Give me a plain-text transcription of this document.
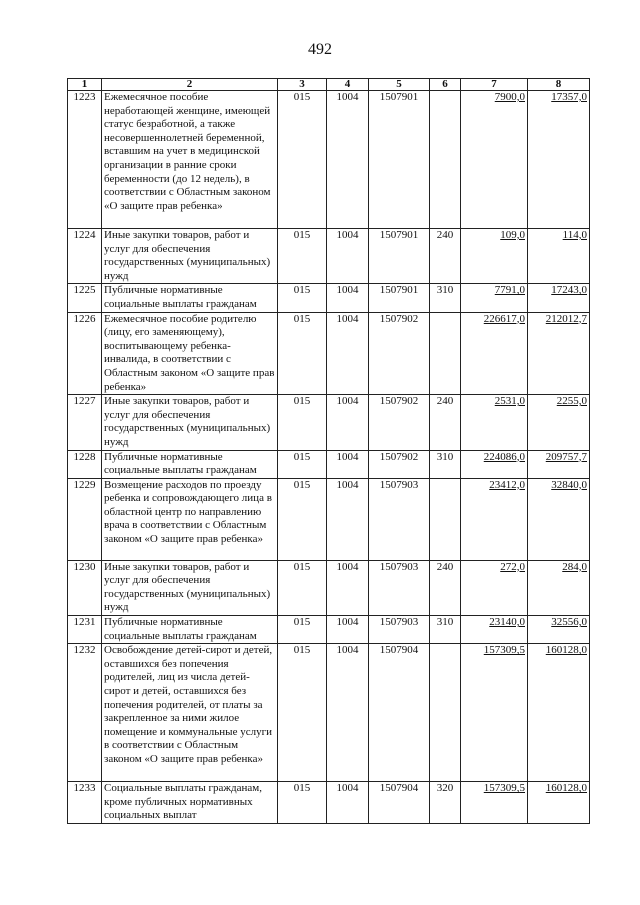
492
1	2	3	4	5	6	7	8
1223	Ежемесячное пособие неработающей женщине, имеющей статус безработной, а также несовершеннолетней беременной, вставшим на учет в медицинской организации в ранние сроки беременности (до 12 недель), в соответствии с Областным законом «О защите прав ребенка»	015	1004	1507901		7900,0	17357,0
1224	Иные закупки товаров, работ и услуг для обеспечения государственных (муниципальных) нужд	015	1004	1507901	240	109,0	114,0
1225	Публичные нормативные социальные выплаты гражданам	015	1004	1507901	310	7791,0	17243,0
1226	Ежемесячное пособие родителю (лицу, его заменяющему), воспитывающему ребенка-инвалида, в соответствии с Областным законом «О защите прав ребенка»	015	1004	1507902		226617,0	212012,7
1227	Иные закупки товаров, работ и услуг для обеспечения государственных (муниципальных) нужд	015	1004	1507902	240	2531,0	2255,0
1228	Публичные нормативные социальные выплаты гражданам	015	1004	1507902	310	224086,0	209757,7
1229	Возмещение расходов по проезду ребенка и сопровождающего лица в областной центр по направлению врача в соответствии с Областным законом «О защите прав ребенка»	015	1004	1507903		23412,0	32840,0
1230	Иные закупки товаров, работ и услуг для обеспечения государственных (муниципальных) нужд	015	1004	1507903	240	272,0	284,0
1231	Публичные нормативные социальные выплаты гражданам	015	1004	1507903	310	23140,0	32556,0
1232	Освобождение детей-сирот и детей, оставшихся без попечения родителей, лиц из числа детей-сирот и детей, оставшихся без попечения родителей, от платы за закрепленное за ними жилое помещение и коммунальные услуги в соответствии с Областным законом «О защите прав ребенка»	015	1004	1507904		157309,5	160128,0
1233	Социальные выплаты гражданам, кроме публичных нормативных социальных выплат	015	1004	1507904	320	157309,5	160128,0
